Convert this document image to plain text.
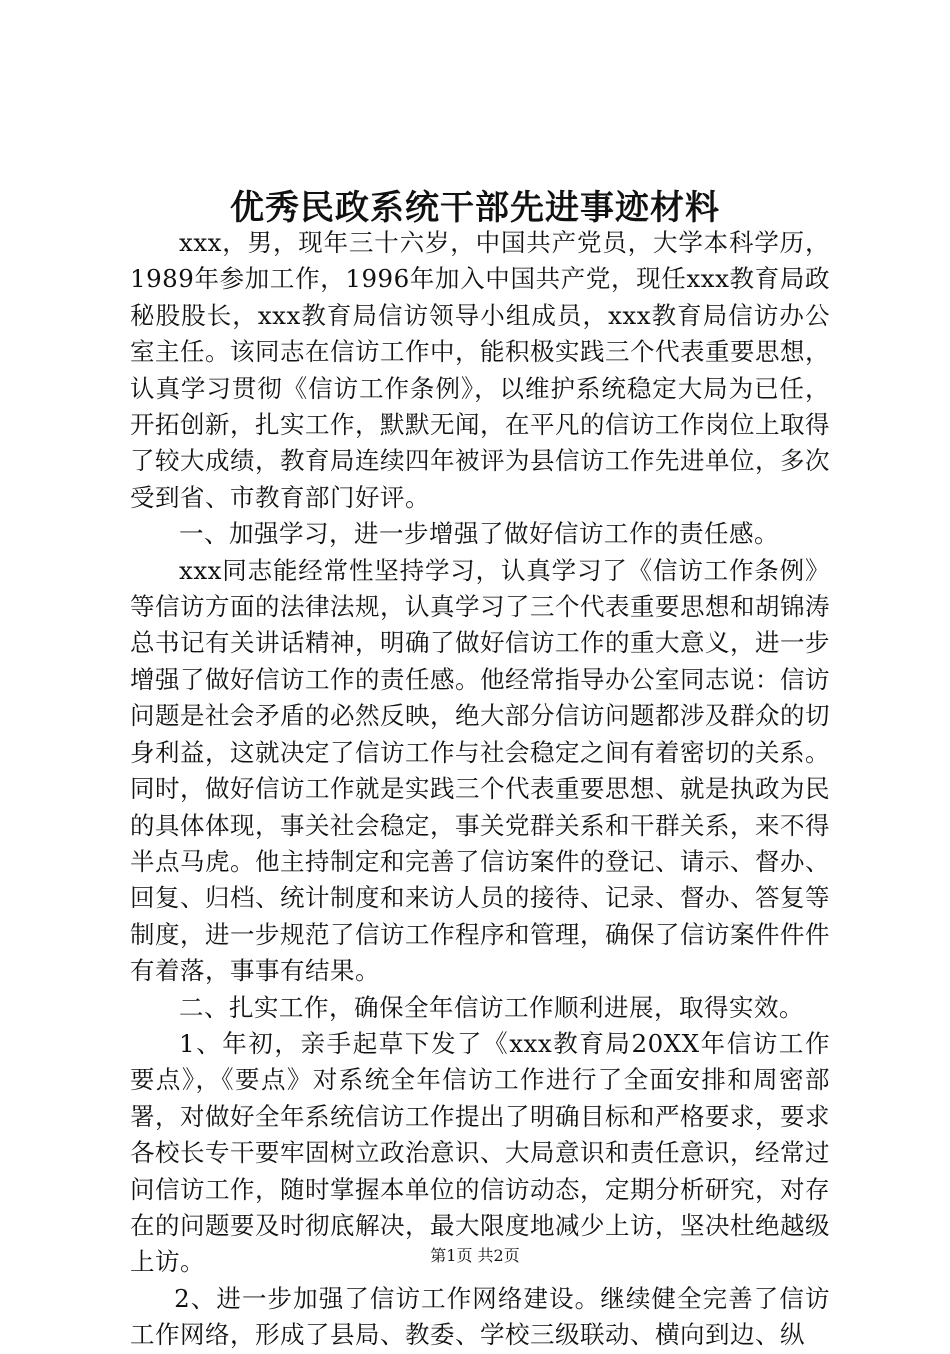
优秀民政系统干部先进事迹材料

xxx，男，现年三十六岁，中国共产党员，大学本科学历，1989年参加工作，1996年加入中国共产党，现任xxx教育局政秘股股长，xxx教育局信访领导小组成员，xxx教育局信访办公室主任。该同志在信访工作中，能积极实践三个代表重要思想，认真学习贯彻《信访工作条例》，以维护系统稳定大局为已任，开拓创新，扎实工作，默默无闻，在平凡的信访工作岗位上取得了较大成绩，教育局连续四年被评为县信访工作先进单位，多次受到省、市教育部门好评。

一、加强学习，进一步增强了做好信访工作的责任感。

xxx同志能经常性坚持学习，认真学习了《信访工作条例》等信访方面的法律法规，认真学习了三个代表重要思想和胡锦涛总书记有关讲话精神，明确了做好信访工作的重大意义，进一步增强了做好信访工作的责任感。他经常指导办公室同志说：信访问题是社会矛盾的必然反映，绝大部分信访问题都涉及群众的切身利益，这就决定了信访工作与社会稳定之间有着密切的关系。同时，做好信访工作就是实践三个代表重要思想、就是执政为民的具体体现，事关社会稳定，事关党群关系和干群关系，来不得半点马虎。他主持制定和完善了信访案件的登记、请示、督办、回复、归档、统计制度和来访人员的接待、记录、督办、答复等制度，进一步规范了信访工作程序和管理，确保了信访案件件件有着落，事事有结果。

二、扎实工作，确保全年信访工作顺利进展，取得实效。

1、年初，亲手起草下发了《xxx教育局20XX年信访工作要点》，《要点》对系统全年信访工作进行了全面安排和周密部署，对做好全年系统信访工作提出了明确目标和严格要求，要求各校长专干要牢固树立政治意识、大局意识和责任意识，经常过问信访工作，随时掌握本单位的信访动态，定期分析研究，对存在的问题要及时彻底解决，最大限度地减少上访，坚决杜绝越级上访。

2、进一步加强了信访工作网络建设。继续健全完善了信访工作网络，形成了县局、教委、学校三级联动、横向到边、纵

第1页 共2页
